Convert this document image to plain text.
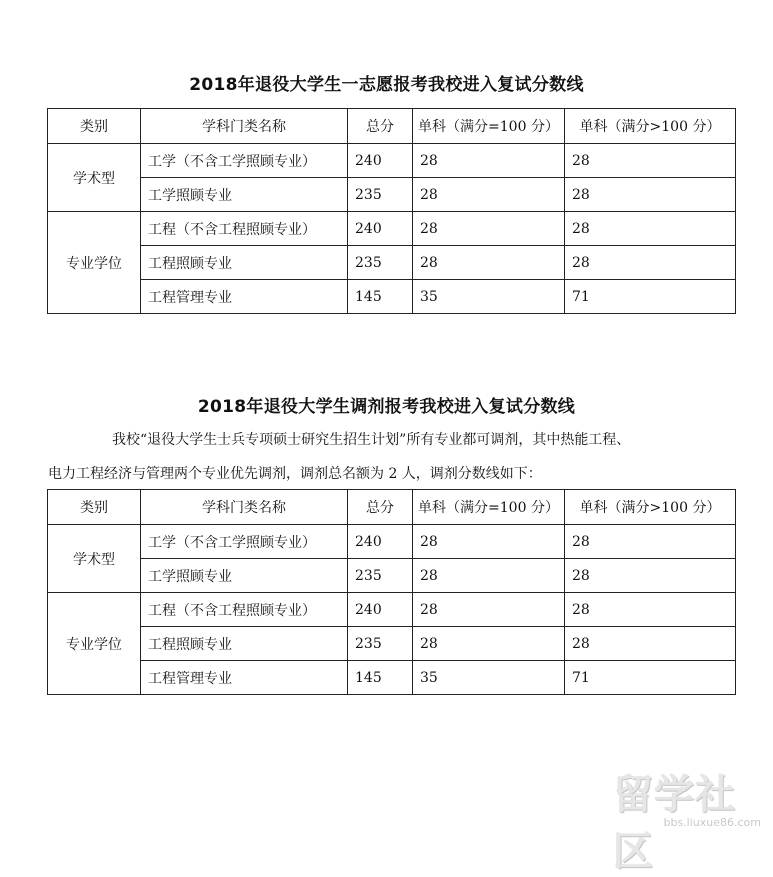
2018年退役大学生一志愿报考我校进入复试分数线
类别	学科门类名称	总分	单科（满分=100 分）	单科（满分>100 分）
学术型	工学（不含工学照顾专业）	240	28	28
	工学照顾专业	235	28	28
专业学位	工程（不含工程照顾专业）	240	28	28
	工程照顾专业	235	28	28
	工程管理专业	145	35	71
2018年退役大学生调剂报考我校进入复试分数线
我校“退役大学生士兵专项硕士研究生招生计划”所有专业都可调剂，其中热能工程、
电力工程经济与管理两个专业优先调剂，调剂总名额为 2 人，调剂分数线如下：
类别	学科门类名称	总分	单科（满分=100 分）	单科（满分>100 分）
学术型	工学（不含工学照顾专业）	240	28	28
	工学照顾专业	235	28	28
专业学位	工程（不含工程照顾专业）	240	28	28
	工程照顾专业	235	28	28
	工程管理专业	145	35	71
留学社区
bbs.liuxue86.com
